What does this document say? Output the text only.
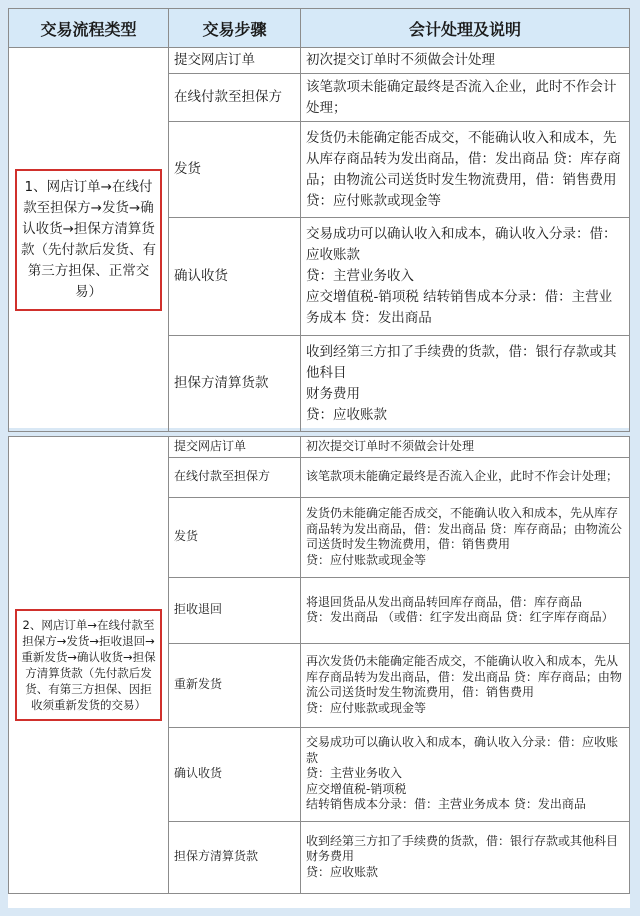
交易流程类型	交易步骤	会计处理及说明

1、网店订单→在线付款至担保方→发货→确认收货→担保方清算货款（先付款后发货、有第三方担保、正常交易）	提交网店订单	初次提交订单时不须做会计处理

	在线付款至担保方	该笔款项未能确定最终是否流入企业，此时不作会计处理；

	发货	发货仍未能确定能否成交，不能确认收入和成本，先从库存商品转为发出商品，借：发出商品 贷：库存商品；由物流公司送货时发生物流费用，借：销售费用贷：应付账款或现金等

	确认收货	交易成功可以确认收入和成本，确认收入分录：借：应收账款
贷：主营业务收入
应交增值税-销项税 结转销售成本分录：借：主营业务成本 贷：发出商品

	担保方清算货款	收到经第三方扣了手续费的货款，借：银行存款或其他科目
财务费用
贷：应收账款
2、网店订单→在线付款至担保方→发货→拒收退回→重新发货→确认收货→担保方清算货款（先付款后发货、有第三方担保、因拒收须重新发货的交易）	提交网店订单	初次提交订单时不须做会计处理

	在线付款至担保方	该笔款项未能确定最终是否流入企业，此时不作会计处理；

	发货	发货仍未能确定能否成交，不能确认收入和成本，先从库存商品转为发出商品，借：发出商品 贷：库存商品；由物流公司送货时发生物流费用，借：销售费用
贷：应付账款或现金等

	拒收退回	将退回货品从发出商品转回库存商品，借：库存商品
贷：发出商品 （或借：红字发出商品 贷：红字库存商品）

	重新发货	再次发货仍未能确定能否成交，不能确认收入和成本，先从库存商品转为发出商品，借：发出商品 贷：库存商品；由物流公司送货时发生物流费用，借：销售费用
贷：应付账款或现金等

	确认收货	交易成功可以确认收入和成本，确认收入分录：借：应收账款
贷：主营业务收入
应交增值税-销项税
结转销售成本分录：借：主营业务成本 贷：发出商品

	担保方清算货款	收到经第三方扣了手续费的货款，借：银行存款或其他科目
财务费用
贷：应收账款
